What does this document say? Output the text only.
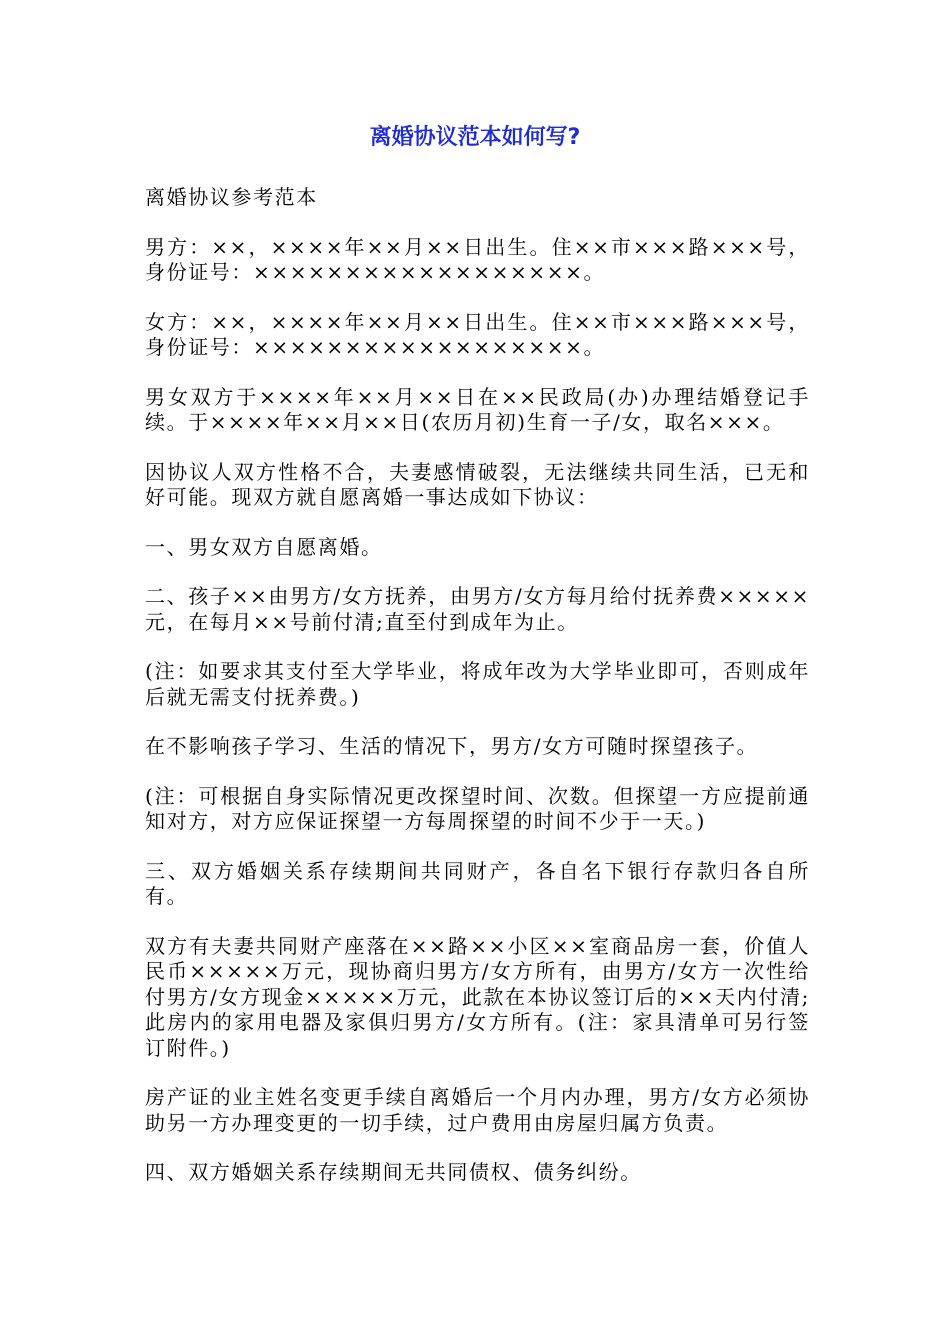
离婚协议范本如何写?

离婚协议参考范本

男方：××，××××年××月××日出生。住××市×××路×××号，身份证号：××××××××××××××××××。

女方：××，××××年××月××日出生。住××市×××路×××号，身份证号：××××××××××××××××××。

男女双方于××××年××月××日在××民政局(办)办理结婚登记手续。于××××年××月××日(农历月初)生育一子/女，取名×××。

因协议人双方性格不合，夫妻感情破裂，无法继续共同生活，已无和好可能。现双方就自愿离婚一事达成如下协议：

一、男女双方自愿离婚。

二、孩子××由男方/女方抚养，由男方/女方每月给付抚养费×××××元，在每月××号前付清;直至付到成年为止。

(注：如要求其支付至大学毕业，将成年改为大学毕业即可，否则成年后就无需支付抚养费。)

在不影响孩子学习、生活的情况下，男方/女方可随时探望孩子。

(注：可根据自身实际情况更改探望时间、次数。但探望一方应提前通知对方，对方应保证探望一方每周探望的时间不少于一天。)

三、双方婚姻关系存续期间共同财产，各自名下银行存款归各自所有。

双方有夫妻共同财产座落在××路××小区××室商品房一套，价值人民币×××××万元，现协商归男方/女方所有，由男方/女方一次性给付男方/女方现金×××××万元，此款在本协议签订后的××天内付清;此房内的家用电器及家俱归男方/女方所有。(注：家具清单可另行签订附件。)

房产证的业主姓名变更手续自离婚后一个月内办理，男方/女方必须协助另一方办理变更的一切手续，过户费用由房屋归属方负责。

四、双方婚姻关系存续期间无共同债权、债务纠纷。
